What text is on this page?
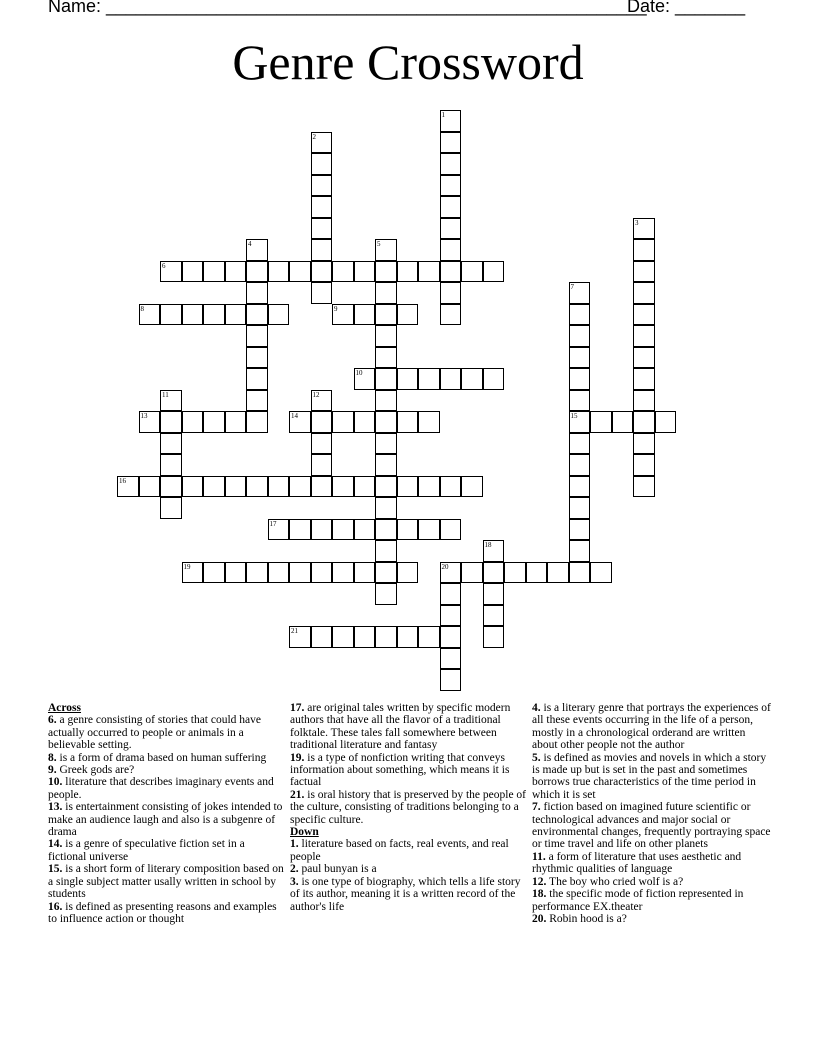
Name: ______________________________________________________
Date: _______
Genre Crossword
1
2
3
4	5
6
7
15
8	9
10
11	12
13	14
16
17
18
19	20
21
Across
6. a genre consisting of stories that could have actually occurred to people or animals in a believable setting.
8. is a form of drama based on human suffering
9. Greek gods are?
10. literature that describes imaginary events and people.
13. is entertainment consisting of jokes intended to make an audience laugh and also is a subgenre of drama
14. is a genre of speculative fiction set in a fictional universe
15. is a short form of literary composition based on a single subject matter usally written in school by students
16. is defined as presenting reasons and examples to influence action or thought
17. are original tales written by specific modern authors that have all the flavor of a traditional folktale. These tales fall somewhere between traditional literature and fantasy
19. is a type of nonfiction writing that conveys information about something, which means it is factual
21. is oral history that is preserved by the people of the culture, consisting of traditions belonging to a specific culture.
Down
1. literature based on facts, real events, and real people
2. paul bunyan is a
3. is one type of biography, which tells a life story of its author, meaning it is a written record of the author's life
4. is a literary genre that portrays the experiences of all these events occurring in the life of a person, mostly in a chronological orderand are written about other people not the author
5. is defined as movies and novels in which a story is made up but is set in the past and sometimes borrows true characteristics of the time period in which it is set
7. fiction based on imagined future scientific or technological advances and major social or environmental changes, frequently portraying space or time travel and life on other planets
11. a form of literature that uses aesthetic and rhythmic qualities of language
12. The boy who cried wolf is a?
18. the specific mode of fiction represented in performance EX.theater
20. Robin hood is a?
